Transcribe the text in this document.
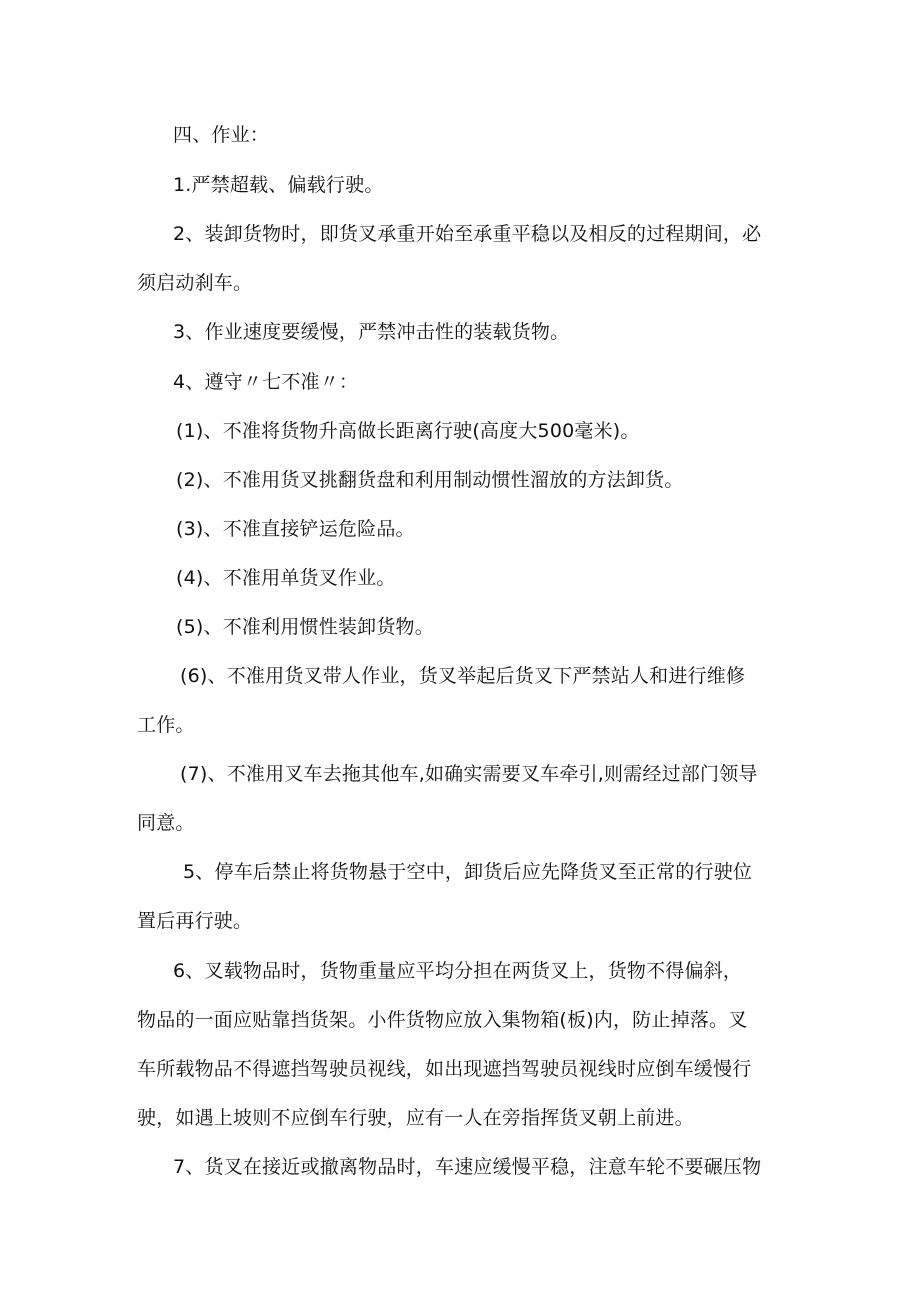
四、作业：
1.严禁超载、偏载行驶。
2、装卸货物时，即货叉承重开始至承重平稳以及相反的过程期间，必
须启动刹车。
3、作业速度要缓慢，严禁冲击性的装载货物。
4、遵守〃七不准〃：
(1)、不准将货物升高做长距离行驶(高度大500毫米)。
(2)、不准用货叉挑翻货盘和利用制动惯性溜放的方法卸货。
(3)、不准直接铲运危险品。
(4)、不准用单货叉作业。
(5)、不准利用惯性装卸货物。
(6)、不准用货叉带人作业，货叉举起后货叉下严禁站人和进行维修
工作。
(7)、不准用叉车去拖其他车,如确实需要叉车牵引,则需经过部门领导
同意。
5、停车后禁止将货物悬于空中，卸货后应先降货叉至正常的行驶位
置后再行驶。
6、叉载物品时，货物重量应平均分担在两货叉上，货物不得偏斜，
物品的一面应贴靠挡货架。小件货物应放入集物箱(板)内，防止掉落。叉
车所载物品不得遮挡驾驶员视线，如出现遮挡驾驶员视线时应倒车缓慢行
驶，如遇上坡则不应倒车行驶，应有一人在旁指挥货叉朝上前进。
7、货叉在接近或撤离物品时，车速应缓慢平稳，注意车轮不要碾压物
